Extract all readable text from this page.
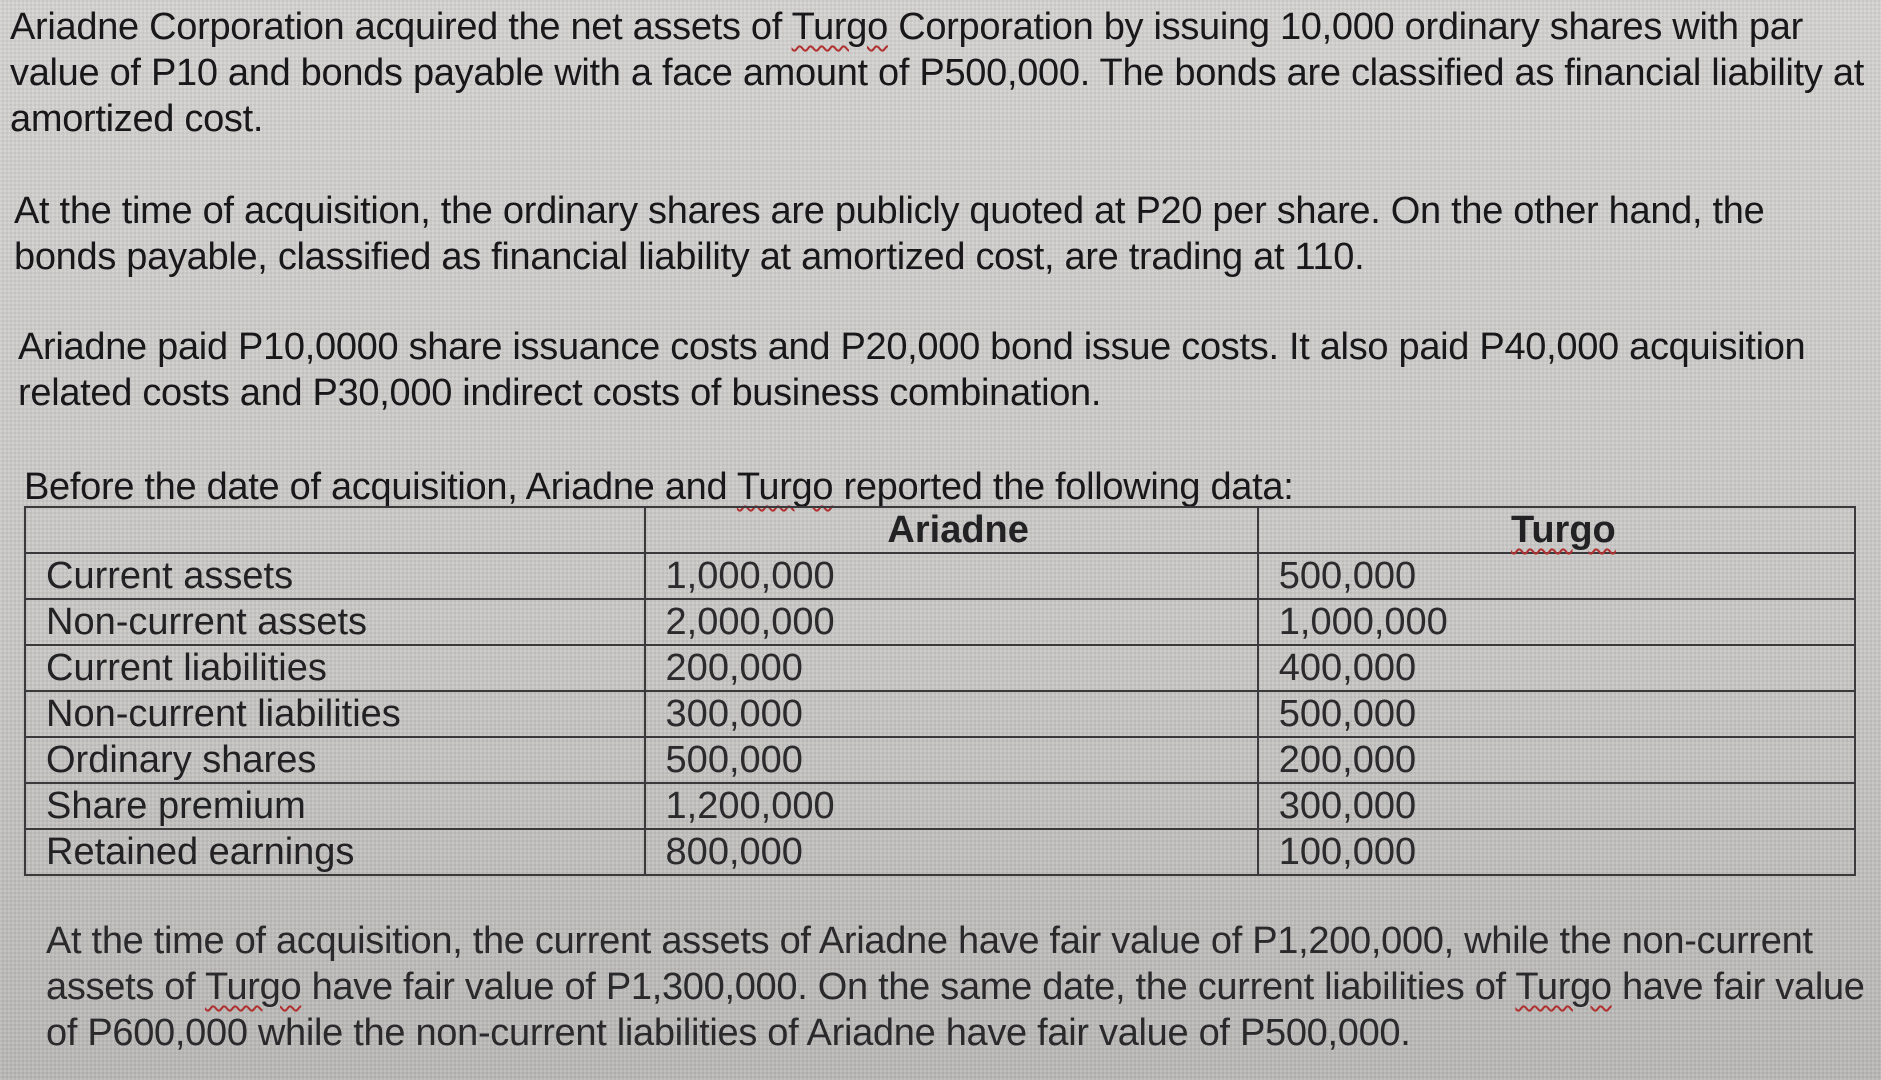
Ariadne Corporation acquired the net assets of Turgo Corporation by issuing 10,000 ordinary shares with par value of P10 and bonds payable with a face amount of P500,000. The bonds are classified as financial liability at amortized cost.

At the time of acquisition, the ordinary shares are publicly quoted at P20 per share. On the other hand, the bonds payable, classified as financial liability at amortized cost, are trading at 110.

Ariadne paid P10,0000 share issuance costs and P20,000 bond issue costs. It also paid P40,000 acquisition related costs and P30,000 indirect costs of business combination.

Before the date of acquisition, Ariadne and Turgo reported the following data:

	Ariadne	Turgo
Current assets	1,000,000	500,000
Non-current assets	2,000,000	1,000,000
Current liabilities	200,000	400,000
Non-current liabilities	300,000	500,000
Ordinary shares	500,000	200,000
Share premium	1,200,000	300,000
Retained earnings	800,000	100,000

At the time of acquisition, the current assets of Ariadne have fair value of P1,200,000, while the non-current assets of Turgo have fair value of P1,300,000. On the same date, the current liabilities of Turgo have fair value of P600,000 while the non-current liabilities of Ariadne have fair value of P500,000.
